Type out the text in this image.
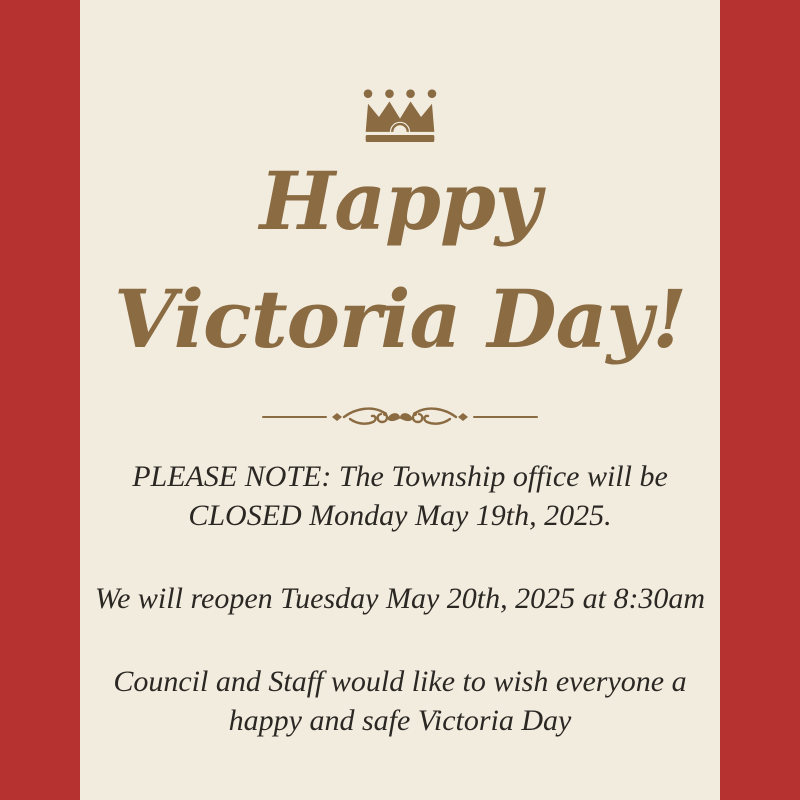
Happy
Victoria Day!

PLEASE NOTE: The Township office will be CLOSED Monday May 19th, 2025.

We will reopen Tuesday May 20th, 2025 at 8:30am

Council and Staff would like to wish everyone a happy and safe Victoria Day
